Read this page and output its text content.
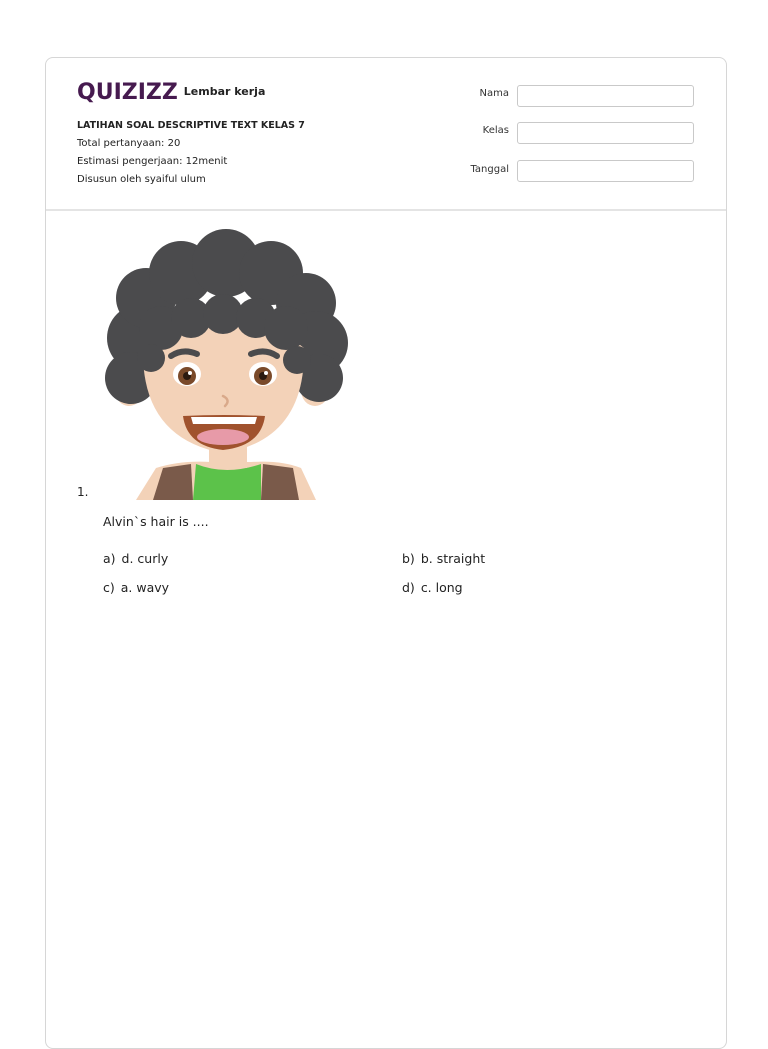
QUIZIZZ Lembar kerja
LATIHAN SOAL DESCRIPTIVE TEXT KELAS 7
Total pertanyaan: 20
Estimasi pengerjaan: 12menit
Disusun oleh syaiful ulum
Nama
Kelas
Tanggal
1.
Alvin`s hair is ....
a) d. curly	b) b. straight
c) a. wavy	d) c. long
